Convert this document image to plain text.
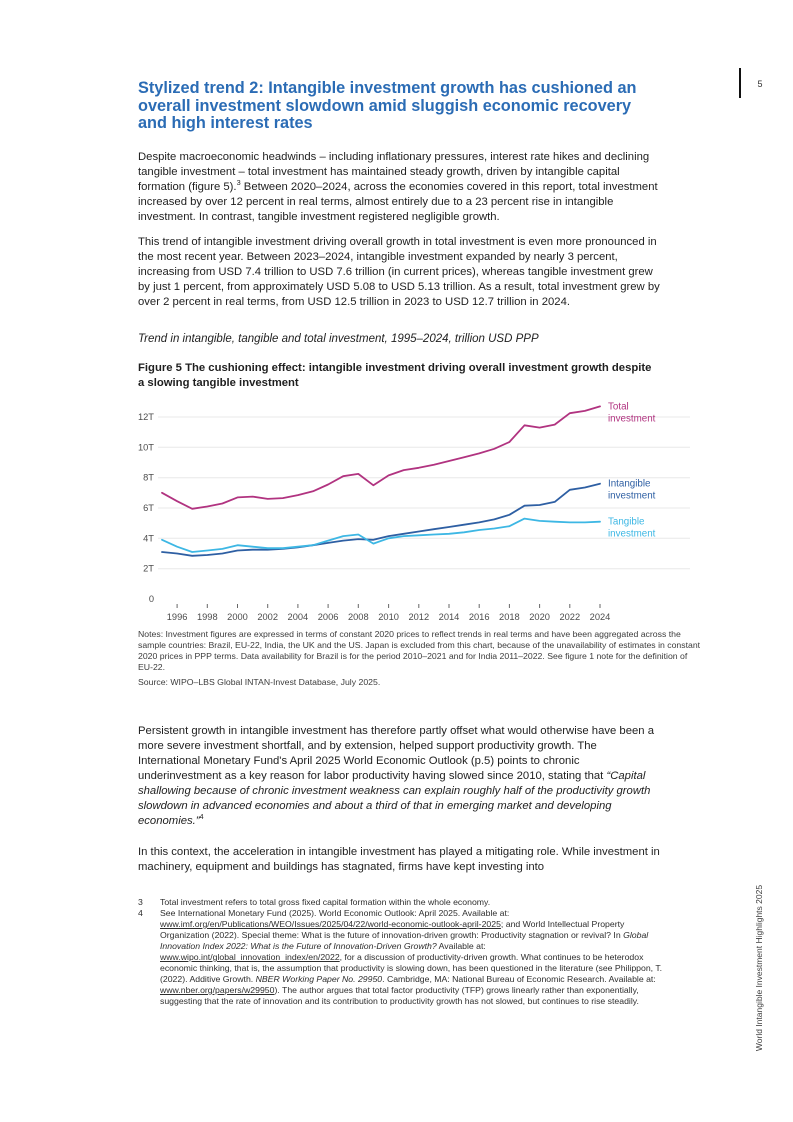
5
World Intangible Investment Highlights 2025
Stylized trend 2: Intangible investment growth has cushioned an overall investment slowdown amid sluggish economic recovery and high interest rates

Despite macroeconomic headwinds – including inflationary pressures, interest rate hikes and declining tangible investment – total investment has maintained steady growth, driven by intangible capital formation (figure 5).$^3$ Between 2020–2024, across the economies covered in this report, total investment increased by over 12 percent in real terms, almost entirely due to a 23 percent rise in intangible investment. In contrast, tangible investment registered negligible growth.

This trend of intangible investment driving overall growth in total investment is even more pronounced in the most recent year. Between 2023–2024, intangible investment expanded by nearly 3 percent, increasing from USD 7.4 trillion to USD 7.6 trillion (in current prices), whereas tangible investment grew by just 1 percent, from approximately USD 5.08 to USD 5.13 trillion. As a result, total investment grew by over 2 percent in real terms, from USD 12.5 trillion in 2023 to USD 12.7 trillion in 2024.

Trend in intangible, tangible and total investment, 1995–2024, trillion USD PPP

Figure 5 The cushioning effect: intangible investment driving overall investment growth despite a slowing tangible investment

0
2T
4T
6T
8T
10T
12T
1996 1998 2000 2002 2004 2006 2008 2010 2012 2014 2016 2018 2020 2022 2024
Total investment
Intangible investment
Tangible investment

Notes: Investment figures are expressed in terms of constant 2020 prices to reflect trends in real terms and have been aggregated across the sample countries: Brazil, EU-22, India, the UK and the US. Japan is excluded from this chart, because of the unavailability of estimates in constant 2020 prices in PPP terms. Data availability for Brazil is for the period 2010–2021 and for India 2011–2022. See figure 1 note for the definition of EU-22.

Source: WIPO–LBS Global INTAN-Invest Database, July 2025.

Persistent growth in intangible investment has therefore partly offset what would otherwise have been a more severe investment shortfall, and by extension, helped support productivity growth. The International Monetary Fund's April 2025 World Economic Outlook (p.5) points to chronic underinvestment as a key reason for labor productivity having slowed since 2010, stating that “Capital shallowing because of chronic investment weakness can explain roughly half of the productivity growth slowdown in advanced economies and about a third of that in emerging market and developing economies.”$^4$

In this context, the acceleration in intangible investment has played a mitigating role. While investment in machinery, equipment and buildings has stagnated, firms have kept investing into

3	Total investment refers to total gross fixed capital formation within the whole economy.
4	See International Monetary Fund (2025). World Economic Outlook: April 2025. Available at: www.imf.org/en/Publications/WEO/Issues/2025/04/22/world-economic-outlook-april-2025; and World Intellectual Property Organization (2022). Special theme: What is the future of innovation-driven growth: Productivity stagnation or revival? In Global Innovation Index 2022: What is the Future of Innovation-Driven Growth? Available at: www.wipo.int/global_innovation_index/en/2022, for a discussion of productivity-driven growth. What continues to be heterodox economic thinking, that is, the assumption that productivity is slowing down, has been questioned in the literature (see Philippon, T. (2022). Additive Growth. NBER Working Paper No. 29950. Cambridge, MA: National Bureau of Economic Research. Available at: www.nber.org/papers/w29950). The author argues that total factor productivity (TFP) grows linearly rather than exponentially, suggesting that the rate of innovation and its contribution to productivity growth has not slowed, but continues to rise steadily.
